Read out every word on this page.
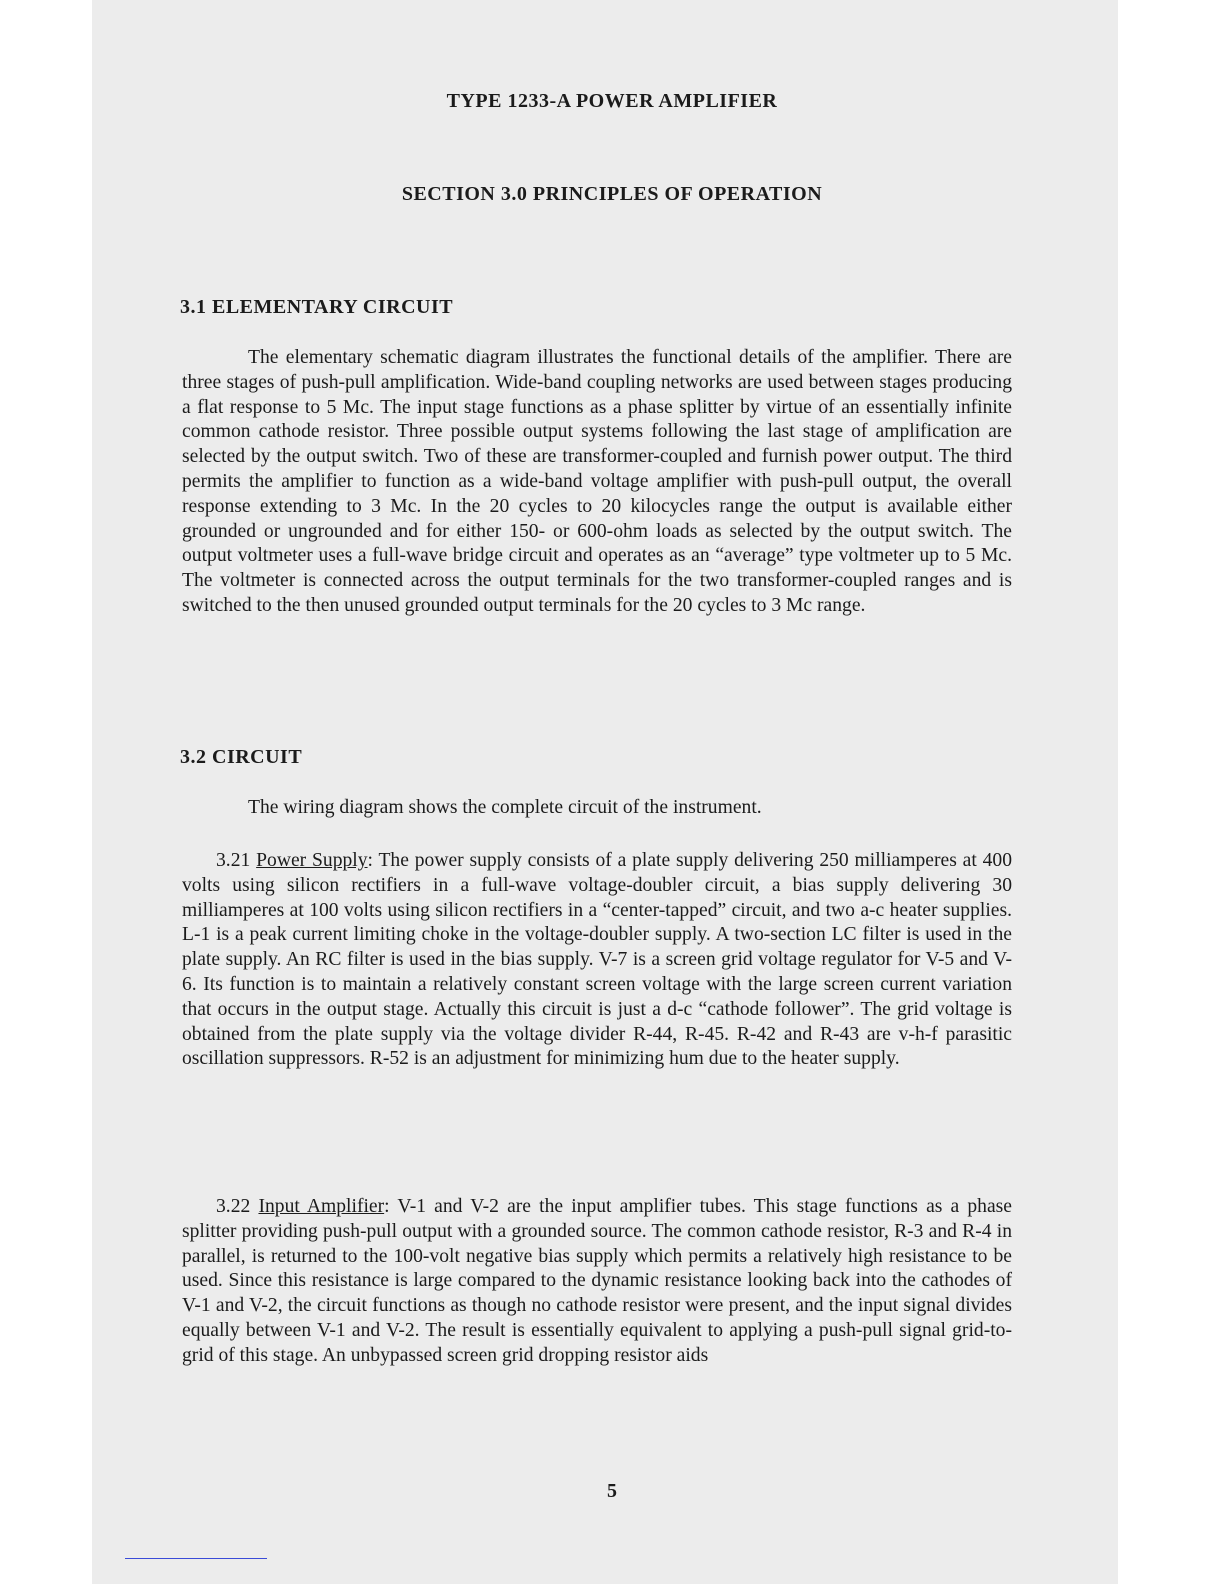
TYPE 1233-A POWER AMPLIFIER
SECTION 3.0 PRINCIPLES OF OPERATION
3.1 ELEMENTARY CIRCUIT

The elementary schematic diagram illustrates the functional details of the amplifier. There are three stages of push-pull amplification. Wide-band coupling networks are used between stages producing a flat response to 5 Mc. The input stage functions as a phase splitter by virtue of an essentially infinite common cathode resistor. Three possible output systems following the last stage of amplification are selected by the output switch. Two of these are transformer-coupled and furnish power output. The third permits the amplifier to function as a wide-band voltage amplifier with push-pull output, the overall response extending to 3 Mc. In the 20 cycles to 20 kilocycles range the output is available either grounded or ungrounded and for either 150- or 600-ohm loads as selected by the output switch. The output voltmeter uses a full-wave bridge circuit and operates as an “average” type voltmeter up to 5 Mc. The voltmeter is connected across the output terminals for the two transformer-coupled ranges and is switched to the then unused grounded output terminals for the 20 cycles to 3 Mc range.

3.2 CIRCUIT

The wiring diagram shows the complete circuit of the instrument.

3.21 Power Supply: The power supply consists of a plate supply delivering 250 milliamperes at 400 volts using silicon rectifiers in a full-wave voltage-doubler circuit, a bias supply delivering 30 milliamperes at 100 volts using silicon rectifiers in a “center-tapped” circuit, and two a-c heater supplies. L-1 is a peak current limiting choke in the voltage-doubler supply. A two-section LC filter is used in the plate supply. An RC filter is used in the bias supply. V-7 is a screen grid voltage regulator for V-5 and V-6. Its function is to maintain a relatively constant screen voltage with the large screen current variation that occurs in the output stage. Actually this circuit is just a d-c “cathode follower”. The grid voltage is obtained from the plate supply via the voltage divider R-44, R-45. R-42 and R-43 are v-h-f parasitic oscillation suppressors. R-52 is an adjustment for minimizing hum due to the heater supply.

3.22 Input Amplifier: V-1 and V-2 are the input amplifier tubes. This stage functions as a phase splitter providing push-pull output with a grounded source. The common cathode resistor, R-3 and R-4 in parallel, is returned to the 100-volt negative bias supply which permits a relatively high resistance to be used. Since this resistance is large compared to the dynamic resistance looking back into the cathodes of V-1 and V-2, the circuit functions as though no cathode resistor were present, and the input signal divides equally between V-1 and V-2. The result is essentially equivalent to applying a push-pull signal grid-to-grid of this stage. An unbypassed screen grid dropping resistor aids

5
